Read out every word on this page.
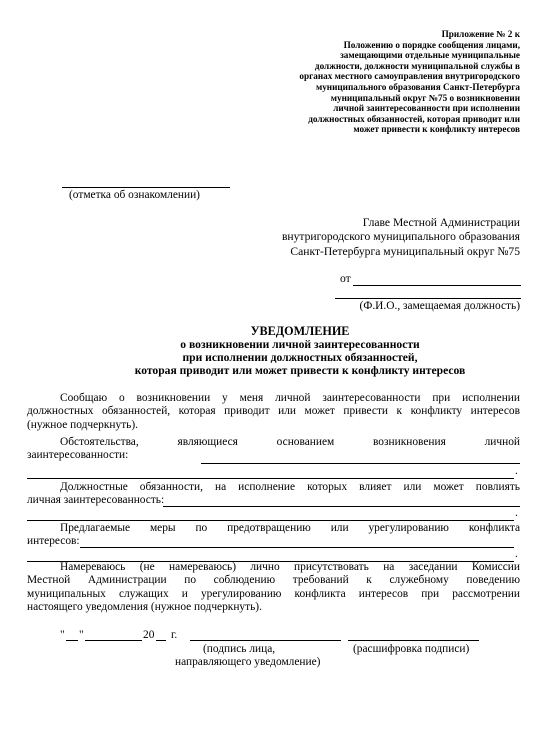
Приложение № 2 к
Положению о порядке сообщения лицами,
замещающими отдельные муниципальные
должности, должности муниципальной службы в
органах местного самоуправления внутригородского
муниципального образования Санкт-Петербурга
муниципальный округ №75 о возникновении
личной заинтересованности при исполнении
должностных обязанностей, которая приводит или
может привести к конфликту интересов
(отметка об ознакомлении)
Главе Местной Администрации
внутригородского муниципального образования
Санкт-Петербурга муниципальный округ №75
от
(Ф.И.О., замещаемая должность)
УВЕДОМЛЕНИЕ
о возникновении личной заинтересованности
при исполнении должностных обязанностей,
которая приводит или может привести к конфликту интересов
Сообщаю о возникновении у меня личной заинтересованности при исполнении
должностных обязанностей, которая приводит или может привести к конфликту интересов
(нужное подчеркнуть).
Обстоятельства, являющиеся основанием возникновения личной
заинтересованности:
.
Должностные обязанности, на исполнение которых влияет или может повлиять
личная заинтересованность:
.
Предлагаемые меры по предотвращению или урегулированию конфликта
интересов:
.
Намереваюсь (не намереваюсь) лично присутствовать на заседании Комиссии
Местной Администрации по соблюдению требований к служебному поведению
муниципальных служащих и урегулированию конфликта интересов при рассмотрении
настоящего уведомления (нужное подчеркнуть).
" "	20 г.
(подпись лица,	(расшифровка подписи)
направляющего уведомление)
